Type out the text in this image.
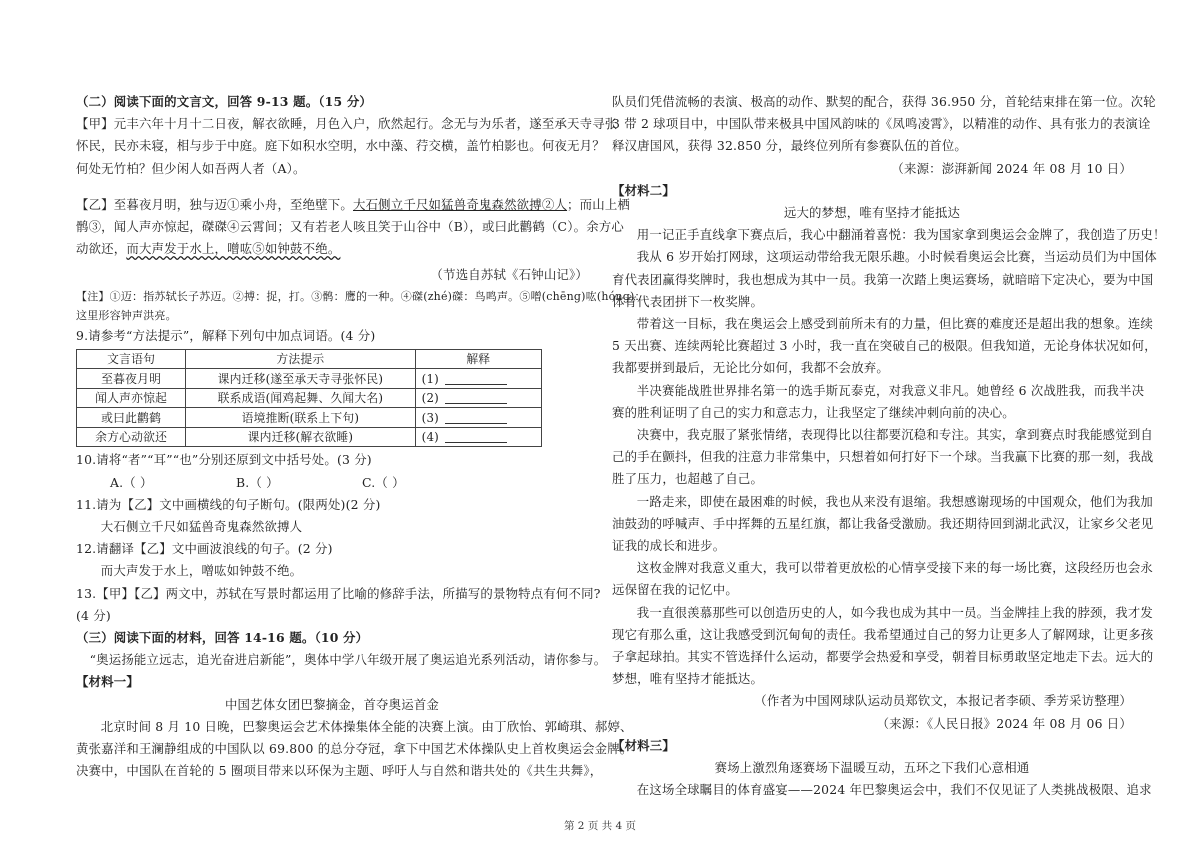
（二）阅读下面的文言文，回答 9-13 题。（15 分）
【甲】元丰六年十月十二日夜，解衣欲睡，月色入户，欣然起行。念无与为乐者，遂至承天寺寻张
怀民，民亦未寝，相与步于中庭。庭下如积水空明，水中藻、荇交横，盖竹柏影也。何夜无月？
何处无竹柏？但少闲人如吾两人者（A）。
【乙】至暮夜月明，独与迈①乘小舟，至绝壁下。大石侧立千尺如猛兽奇鬼森然欲搏②人；而山上栖
鹘③，闻人声亦惊起，磔磔④云霄间；又有若老人咳且笑于山谷中（B），或曰此鹳鹤（C）。余方心
动欲还，而大声发于水上，噌吰⑤如钟鼓不绝。
（节选自苏轼《石钟山记》）
【注】①迈：指苏轼长子苏迈。②搏：捉，打。③鹘：鹰的一种。④磔(zhé)磔：鸟鸣声。⑤噌(chēng)吰(hóng)：
这里形容钟声洪亮。
9.请参考“方法提示”，解释下列句中加点词语。(4 分)
文言语句	方法提示	解释
至暮夜月明	课内迁移(遂至承天寺寻张怀民)	(1)
闻人声亦惊起	联系成语(闻鸡起舞、久闻大名)	(2)
或曰此鹳鹤	语境推断(联系上下句)	(3)
余方心动欲还	课内迁移(解衣欲睡)	(4)
10.请将“者”“耳”“也”分别还原到文中括号处。(3 分)
A.（ ）	B.（ ）	C.（ ）
11.请为【乙】文中画横线的句子断句。(限两处)(2 分)
大石侧立千尺如猛兽奇鬼森然欲搏人
12.请翻译【乙】文中画波浪线的句子。(2 分)
而大声发于水上，噌吰如钟鼓不绝。
13.【甲】【乙】两文中，苏轼在写景时都运用了比喻的修辞手法，所描写的景物特点有何不同?
(4 分)
（三）阅读下面的材料，回答 14-16 题。（10 分）
“奥运扬能立远志，追光奋进启新能”，奥体中学八年级开展了奥运追光系列活动，请你参与。
【材料一】
中国艺体女团巴黎摘金，首夺奥运首金
北京时间 8 月 10 日晚，巴黎奥运会艺术体操集体全能的决赛上演。由丁欣怡、郭崎琪、郝婷、
黄张嘉洋和王澜静组成的中国队以 69.800 的总分夺冠，拿下中国艺术体操队史上首枚奥运会金牌。
决赛中，中国队在首轮的 5 圈项目带来以环保为主题、呼吁人与自然和谐共处的《共生共舞》，
队员们凭借流畅的表演、极高的动作、默契的配合，获得 36.950 分，首轮结束排在第一位。次轮
3 带 2 球项目中，中国队带来极具中国风韵味的《凤鸣凌霄》，以精准的动作、具有张力的表演诠
释汉唐国风，获得 32.850 分，最终位列所有参赛队伍的首位。
（来源：澎湃新闻 2024 年 08 月 10 日）
【材料二】
远大的梦想，唯有坚持才能抵达
用一记正手直线拿下赛点后，我心中翻涌着喜悦：我为国家拿到奥运会金牌了，我创造了历史！
我从 6 岁开始打网球，这项运动带给我无限乐趣。小时候看奥运会比赛，当运动员们为中国体
育代表团赢得奖牌时，我也想成为其中一员。我第一次踏上奥运赛场，就暗暗下定决心，要为中国
体育代表团拼下一枚奖牌。
带着这一目标，我在奥运会上感受到前所未有的力量，但比赛的难度还是超出我的想象。连续
5 天出赛、连续两轮比赛超过 3 小时，我一直在突破自己的极限。但我知道，无论身体状况如何，
我都要拼到最后，无论比分如何，我都不会放弃。
半决赛能战胜世界排名第一的选手斯瓦泰克，对我意义非凡。她曾经 6 次战胜我，而我半决
赛的胜利证明了自己的实力和意志力，让我坚定了继续冲刺向前的决心。
决赛中，我克服了紧张情绪，表现得比以往都要沉稳和专注。其实，拿到赛点时我能感觉到自
己的手在颤抖，但我的注意力非常集中，只想着如何打好下一个球。当我赢下比赛的那一刻，我战
胜了压力，也超越了自己。
一路走来，即使在最困难的时候，我也从来没有退缩。我想感谢现场的中国观众，他们为我加
油鼓劲的呼喊声、手中挥舞的五星红旗，都让我备受激励。我还期待回到湖北武汉，让家乡父老见
证我的成长和进步。
这枚金牌对我意义重大，我可以带着更放松的心情享受接下来的每一场比赛，这段经历也会永
远保留在我的记忆中。
我一直很羡慕那些可以创造历史的人，如今我也成为其中一员。当金牌挂上我的脖颈，我才发
现它有那么重，这让我感受到沉甸甸的责任。我希望通过自己的努力让更多人了解网球，让更多孩
子拿起球拍。其实不管选择什么运动，都要学会热爱和享受，朝着目标勇敢坚定地走下去。远大的
梦想，唯有坚持才能抵达。
（作者为中国网球队运动员郑钦文，本报记者李硕、季芳采访整理）
（来源：《人民日报》2024 年 08 月 06 日）
【材料三】
赛场上激烈角逐赛场下温暖互动，五环之下我们心意相通
在这场全球瞩目的体育盛宴——2024 年巴黎奥运会中，我们不仅见证了人类挑战极限、追求
第 2 页 共 4 页
